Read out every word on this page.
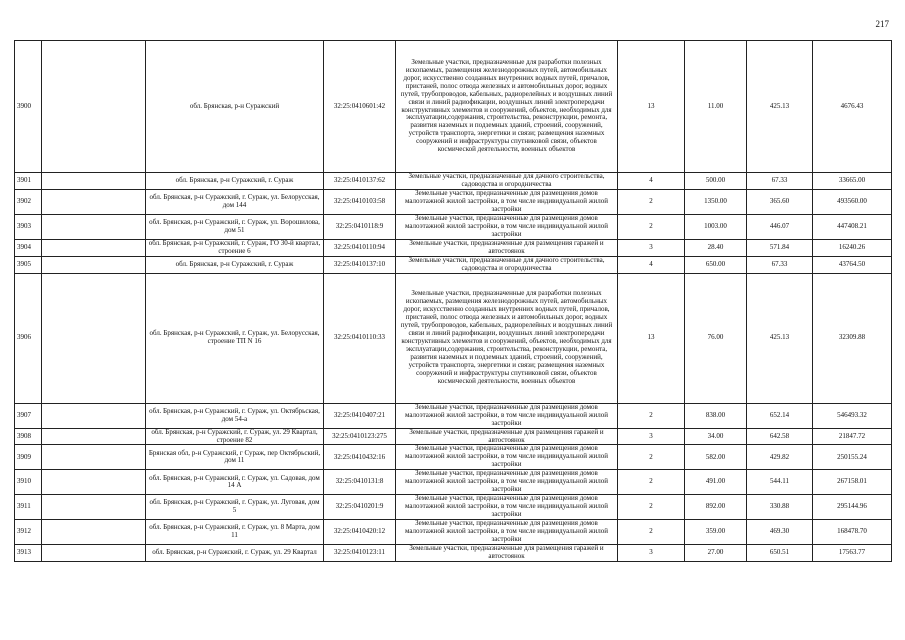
217
3900		обл. Брянская, р-н Суражский	32:25:0410601:42	Земельные участки, предназначенные для разработки полезных ископаемых, размещения железнодорожных путей, автомобильных дорог, искусственно созданных внутренних водных путей, причалов, пристаней, полос отвода железных и автомобильных дорог, водных путей, трубопроводов, кабельных, радиорелейных и воздушных линий связи и линий радиофикации, воздушных линий электропередачи конструктивных элементов и сооружений, объектов, необходимых для эксплуатации,содержания, строительства, реконструкции, ремонта, развития наземных и подземных зданий, строений, сооружений, устройств транспорта, энергетики и связи; размещения наземных сооружений и инфраструктуры спутниковой связи, объектов космической деятельности, военных объектов	13	11.00	425.13	4676.43
3901		обл. Брянская, р-н Суражский, г. Сураж	32:25:0410137:62	Земельные участки, предназначенные для дачного строительства, садоводства и огородничества	4	500.00	67.33	33665.00
3902		обл. Брянская, р-н Суражский, г. Сураж, ул. Белорусская, дом 144	32:25:0410103:58	Земельные участки, предназначенные для размещения домов малоэтажной жилой застройки, в том числе индивидуальной жилой застройки	2	1350.00	365.60	493560.00
3903		обл. Брянская, р-н Суражский, г. Сураж, ул. Ворошилова, дом 51	32:25:0410118:9	Земельные участки, предназначенные для размещения домов малоэтажной жилой застройки, в том числе индивидуальной жилой застройки	2	1003.00	446.07	447408.21
3904		обл. Брянская, р-н Суражский, г. Сураж, ГО 30-й квартал, строение 6	32:25:0410110:94	Земельные участки, предназначенные для размещения гаражей и автостоянок	3	28.40	571.84	16240.26
3905		обл. Брянская, р-н Суражский, г. Сураж	32:25:0410137:10	Земельные участки, предназначенные для дачного строительства, садоводства и огородничества	4	650.00	67.33	43764.50
3906		обл. Брянская, р-н Суражский, г. Сураж, ул. Белорусская, строение ТП N 16	32:25:0410110:33	Земельные участки, предназначенные для разработки полезных ископаемых, размещения железнодорожных путей, автомобильных дорог, искусственно созданных внутренних водных путей, причалов, пристаней, полос отвода железных и автомобильных дорог, водных путей, трубопроводов, кабельных, радиорелейных и воздушных линий связи и линий радиофикации, воздушных линий электропередачи конструктивных элементов и сооружений, объектов, необходимых для эксплуатации,содержания, строительства, реконструкции, ремонта, развития наземных и подземных зданий, строений, сооружений, устройств транспорта, энергетики и связи; размещения наземных сооружений и инфраструктуры спутниковой связи, объектов космической деятельности, военных объектов	13	76.00	425.13	32309.88
3907		обл. Брянская, р-н Суражский, г. Сураж, ул. Октябрьская, дом 54-а	32:25:0410407:21	Земельные участки, предназначенные для размещения домов малоэтажной жилой застройки, в том числе индивидуальной жилой застройки	2	838.00	652.14	546493.32
3908		обл. Брянская, р-н Суражский, г. Сураж, ул. 29 Квартал, строение 82	32:25:0410123:275	Земельные участки, предназначенные для размещения гаражей и автостоянок	3	34.00	642.58	21847.72
3909		Брянская обл, р-н Суражский, г Сураж, пер Октябрьский, дом 11	32:25:0410432:16	Земельные участки, предназначенные для размещения домов малоэтажной жилой застройки, в том числе индивидуальной жилой застройки	2	582.00	429.82	250155.24
3910		обл. Брянская, р-н Суражский, г. Сураж, ул. Садовая, дом 14 А	32:25:0410131:8	Земельные участки, предназначенные для размещения домов малоэтажной жилой застройки, в том числе индивидуальной жилой застройки	2	491.00	544.11	267158.01
3911		обл. Брянская, р-н Суражский, г. Сураж, ул. Луговая, дом 5	32:25:0410201:9	Земельные участки, предназначенные для размещения домов малоэтажной жилой застройки, в том числе индивидуальной жилой застройки	2	892.00	330.88	295144.96
3912		обл. Брянская, р-н Суражский, г. Сураж, ул. 8 Марта, дом 11	32:25:0410420:12	Земельные участки, предназначенные для размещения домов малоэтажной жилой застройки, в том числе индивидуальной жилой застройки	2	359.00	469.30	168478.70
3913		обл. Брянская, р-н Суражский, г. Сураж, ул. 29 Квартал	32:25:0410123:11	Земельные участки, предназначенные для размещения гаражей и автостоянок	3	27.00	650.51	17563.77
